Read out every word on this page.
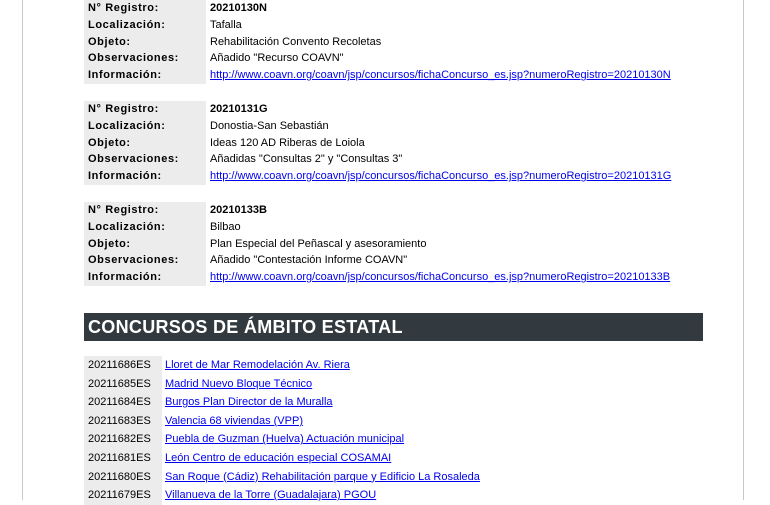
N° Registro:	20210130N
Localización:	Tafalla
Objeto:	Rehabilitación Convento Recoletas
Observaciones:	Añadido "Recurso COAVN"
Información:	http://www.coavn.org/coavn/jsp/concursos/fichaConcurso_es.jsp?numeroRegistro=20210130N
N° Registro:	20210131G
Localización:	Donostia-San Sebastián
Objeto:	Ideas 120 AD Riberas de Loiola
Observaciones:	Añadidas "Consultas 2" y "Consultas 3"
Información:	http://www.coavn.org/coavn/jsp/concursos/fichaConcurso_es.jsp?numeroRegistro=20210131G
N° Registro:	20210133B
Localización:	Bilbao
Objeto:	Plan Especial del Peñascal y asesoramiento
Observaciones:	Añadido "Contestación Informe COAVN"
Información:	http://www.coavn.org/coavn/jsp/concursos/fichaConcurso_es.jsp?numeroRegistro=20210133B
CONCURSOS DE ÁMBITO ESTATAL
20211686ES	Lloret de Mar Remodelación Av. Riera
20211685ES	Madrid Nuevo Bloque Técnico
20211684ES	Burgos Plan Director de la Muralla
20211683ES	Valencia 68 viviendas (VPP)
20211682ES	Puebla de Guzman (Huelva) Actuación municipal
20211681ES	León Centro de educación especial COSAMAI
20211680ES	San Roque (Cádiz) Rehabilitación parque y Edificio La Rosaleda
20211679ES	Villanueva de la Torre (Guadalajara) PGOU
